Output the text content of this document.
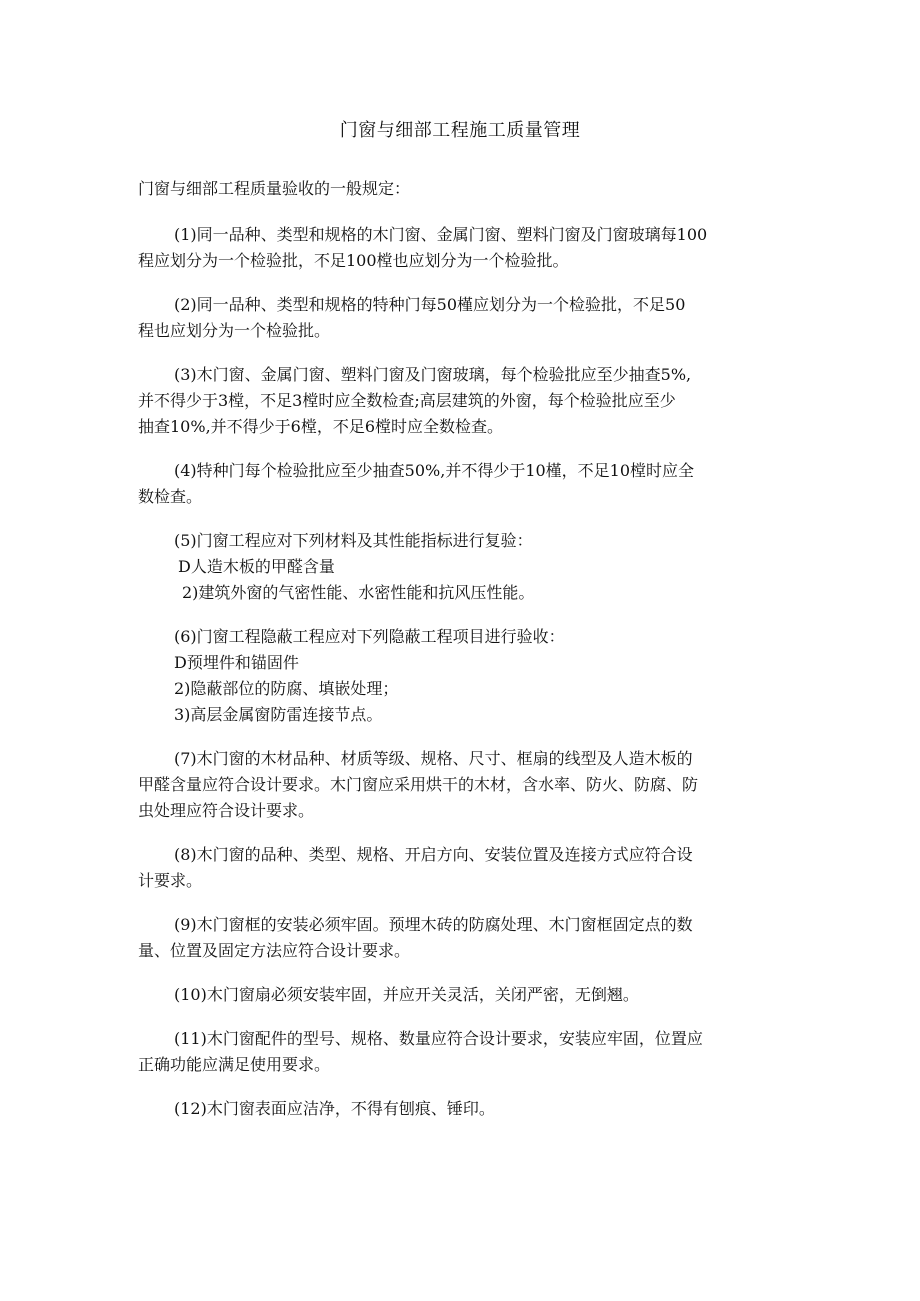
门窗与细部工程施工质量管理
门窗与细部工程质量验收的一般规定：
(1)同一品种、类型和规格的木门窗、金属门窗、塑料门窗及门窗玻璃每100
程应划分为一个检验批，不足100樘也应划分为一个检验批。
(2)同一品种、类型和规格的特种门每50槿应划分为一个检验批，不足50
程也应划分为一个检验批。
(3)木门窗、金属门窗、塑料门窗及门窗玻璃，每个检验批应至少抽查5%,
并不得少于3樘，不足3樘时应全数检查;高层建筑的外窗，每个检验批应至少
抽查10%,并不得少于6樘，不足6樘时应全数检查。
(4)特种门每个检验批应至少抽查50%,并不得少于10槿，不足10樘时应全
数检查。
(5)门窗工程应对下列材料及其性能指标进行复验：
D人造木板的甲醛含量
2)建筑外窗的气密性能、水密性能和抗风压性能。
(6)门窗工程隐蔽工程应对下列隐蔽工程项目进行验收：
D预埋件和锚固件
2)隐蔽部位的防腐、填嵌处理；
3)高层金属窗防雷连接节点。
(7)木门窗的木材品种、材质等级、规格、尺寸、框扇的线型及人造木板的
甲醛含量应符合设计要求。木门窗应采用烘干的木材，含水率、防火、防腐、防
虫处理应符合设计要求。
(8)木门窗的品种、类型、规格、开启方向、安装位置及连接方式应符合设
计要求。
(9)木门窗框的安装必须牢固。预埋木砖的防腐处理、木门窗框固定点的数
量、位置及固定方法应符合设计要求。
(10)木门窗扇必须安装牢固，并应开关灵活，关闭严密，无倒翘。
(11)木门窗配件的型号、规格、数量应符合设计要求，安装应牢固，位置应
正确功能应满足使用要求。
(12)木门窗表面应洁净，不得有刨痕、锤印。
